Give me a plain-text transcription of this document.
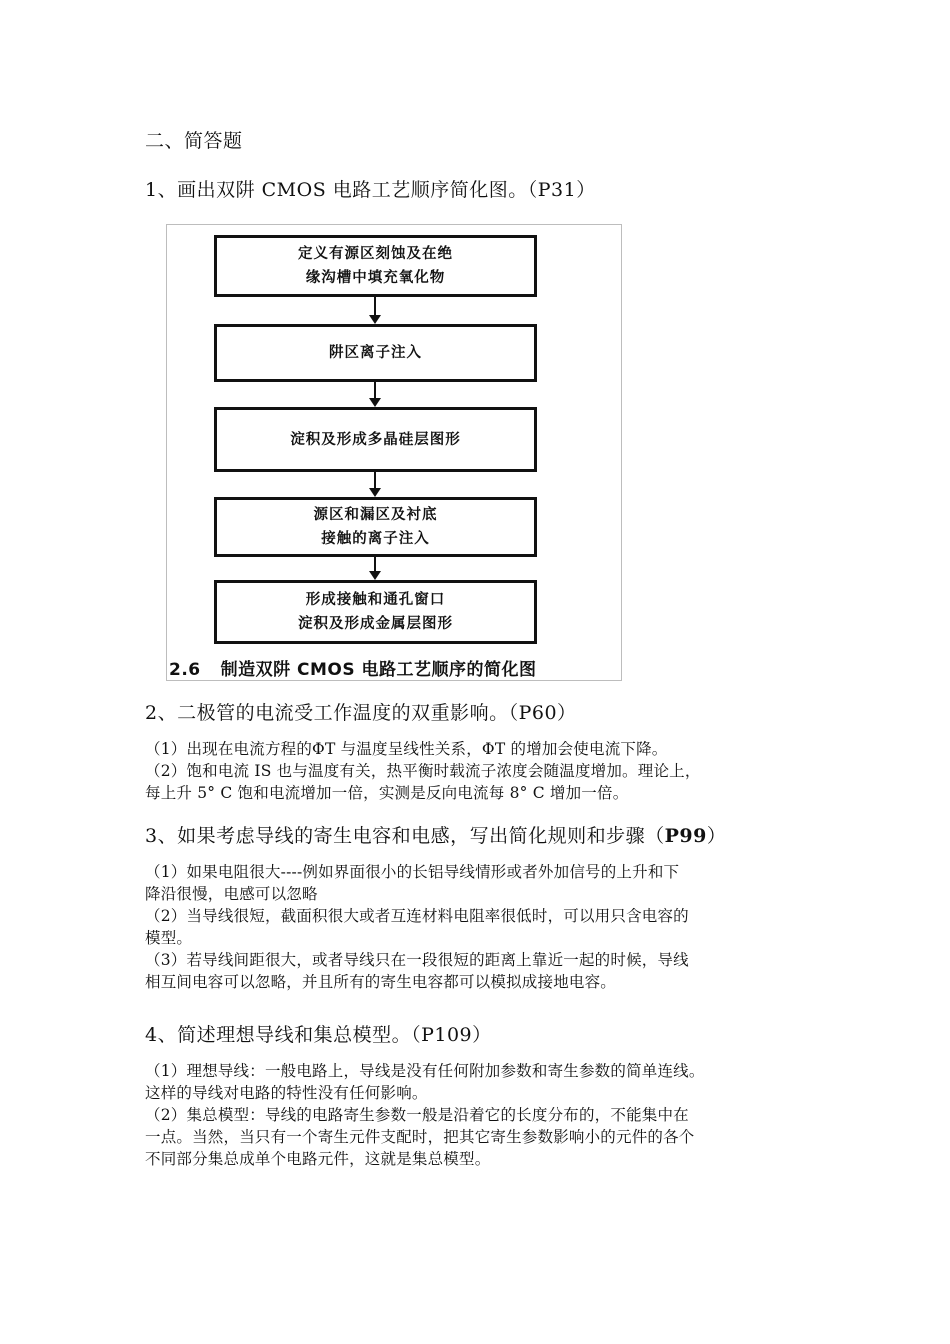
二、简答题
1、画出双阱 CMOS 电路工艺顺序简化图。（P31）
定义有源区刻蚀及在绝
缘沟槽中填充氧化物
阱区离子注入
淀积及形成多晶硅层图形
源区和漏区及衬底
接触的离子注入
形成接触和通孔窗口
淀积及形成金属层图形
2.6 制造双阱 CMOS 电路工艺顺序的简化图
2、二极管的电流受工作温度的双重影响。（P60）
（1）出现在电流方程的ΦT 与温度呈线性关系，ΦT 的增加会使电流下降。
（2）饱和电流 IS 也与温度有关，热平衡时载流子浓度会随温度增加。理论上，
每上升 5° C 饱和电流增加一倍，实测是反向电流每 8° C 增加一倍。
3、如果考虑导线的寄生电容和电感，写出简化规则和步骤（P99）
（1）如果电阻很大----例如界面很小的长铝导线情形或者外加信号的上升和下
降沿很慢，电感可以忽略
（2）当导线很短，截面积很大或者互连材料电阻率很低时，可以用只含电容的
模型。
（3）若导线间距很大，或者导线只在一段很短的距离上靠近一起的时候，导线
相互间电容可以忽略，并且所有的寄生电容都可以模拟成接地电容。
4、简述理想导线和集总模型。（P109）
（1）理想导线：一般电路上，导线是没有任何附加参数和寄生参数的简单连线。
这样的导线对电路的特性没有任何影响。
（2）集总模型：导线的电路寄生参数一般是沿着它的长度分布的，不能集中在
一点。当然，当只有一个寄生元件支配时，把其它寄生参数影响小的元件的各个
不同部分集总成单个电路元件，这就是集总模型。
